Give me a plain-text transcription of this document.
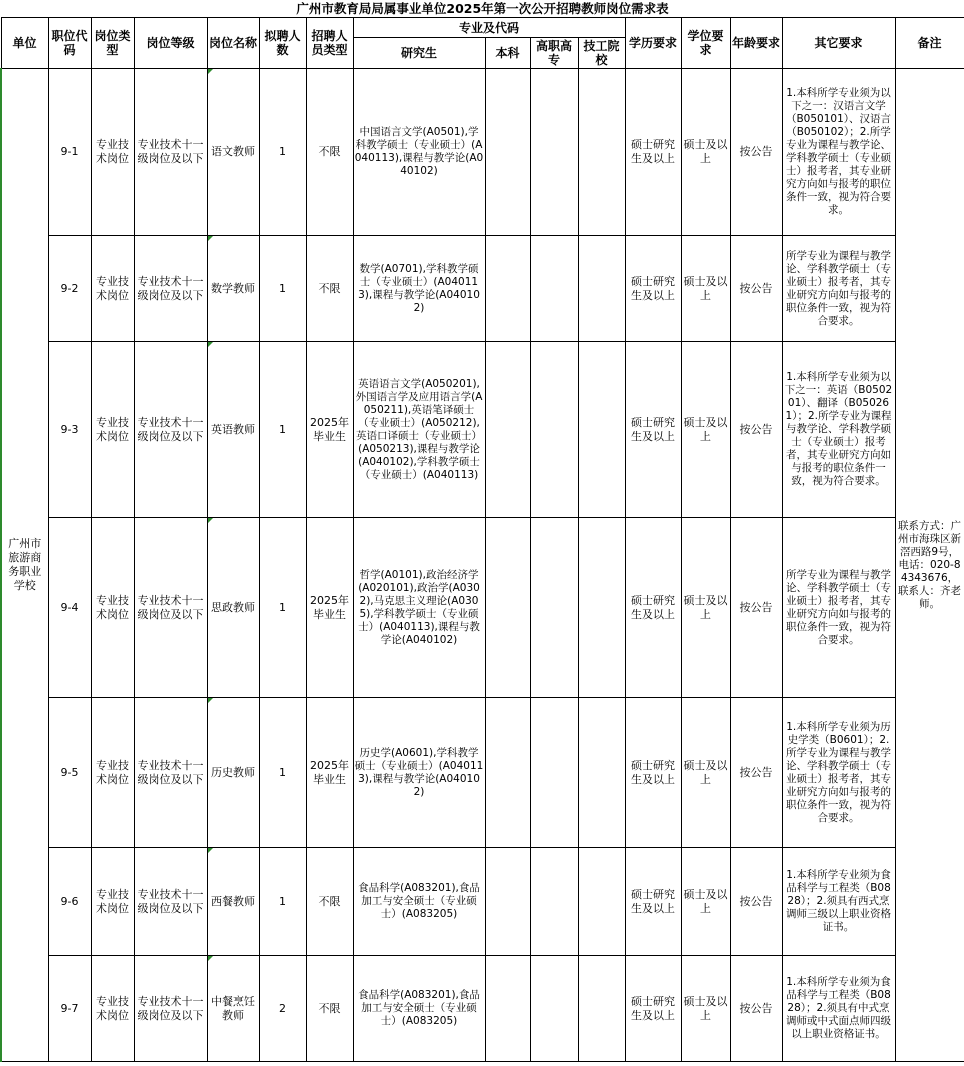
广州市教育局局属事业单位2025年第一次公开招聘教师岗位需求表															
单位	职位代码	岗位类型	岗位等级	岗位名称	拟聘人数	招聘人员类型	专业及代码				学历要求	学位要求	年龄要求	其它要求	备注
							研究生	本科	高职高专	技工院校					
广州市旅游商务职业学校	9-1	专业技术岗位	专业技术十一级岗位及以下	语文教师	1	不限	中国语言文学(A0501),学科教学硕士（专业硕士）(A040113),课程与教学论(A040102)				硕士研究生及以上	硕士及以上	按公告	1.本科所学专业须为以下之一：汉语言文学（B050101）、汉语言（B050102）；2.所学专业为课程与教学论、学科教学硕士（专业硕士）报考者，其专业研究方向如与报考的职位条件一致，视为符合要求。	联系方式：广州市海珠区新滘西路9号，电话：020-84343676，联系人：齐老师。
	9-2	专业技术岗位	专业技术十一级岗位及以下	数学教师	1	不限	数学(A0701),学科教学硕士（专业硕士）(A040113),课程与教学论(A040102)				硕士研究生及以上	硕士及以上	按公告	所学专业为课程与教学论、学科教学硕士（专业硕士）报考者，其专业研究方向如与报考的职位条件一致，视为符合要求。	
	9-3	专业技术岗位	专业技术十一级岗位及以下	英语教师	1	2025年毕业生	英语语言文学(A050201),外国语言学及应用语言学(A050211),英语笔译硕士（专业硕士）(A050212),英语口译硕士（专业硕士）(A050213),课程与教学论(A040102),学科教学硕士（专业硕士）(A040113)				硕士研究生及以上	硕士及以上	按公告	1.本科所学专业须为以下之一：英语（B050201）、翻译（B050261）；2.所学专业为课程与教学论、学科教学硕士（专业硕士）报考者，其专业研究方向如与报考的职位条件一致，视为符合要求。	
	9-4	专业技术岗位	专业技术十一级岗位及以下	思政教师	1	2025年毕业生	哲学(A0101),政治经济学(A020101),政治学(A0302),马克思主义理论(A0305),学科教学硕士（专业硕士）(A040113),课程与教学论(A040102)				硕士研究生及以上	硕士及以上	按公告	所学专业为课程与教学论、学科教学硕士（专业硕士）报考者，其专业研究方向如与报考的职位条件一致，视为符合要求。	
	9-5	专业技术岗位	专业技术十一级岗位及以下	历史教师	1	2025年毕业生	历史学(A0601),学科教学硕士（专业硕士）(A040113),课程与教学论(A040102)				硕士研究生及以上	硕士及以上	按公告	1.本科所学专业须为历史学类（B0601）；2.所学专业为课程与教学论、学科教学硕士（专业硕士）报考者，其专业研究方向如与报考的职位条件一致，视为符合要求。	
	9-6	专业技术岗位	专业技术十一级岗位及以下	西餐教师	1	不限	食品科学(A083201),食品加工与安全硕士（专业硕士）(A083205)				硕士研究生及以上	硕士及以上	按公告	1.本科所学专业须为食品科学与工程类（B0828）；2.须具有西式烹调师三级以上职业资格证书。	
	9-7	专业技术岗位	专业技术十一级岗位及以下	中餐烹饪教师	2	不限	食品科学(A083201),食品加工与安全硕士（专业硕士）(A083205)				硕士研究生及以上	硕士及以上	按公告	1.本科所学专业须为食品科学与工程类（B0828）；2.须具有中式烹调师或中式面点师四级以上职业资格证书。	
